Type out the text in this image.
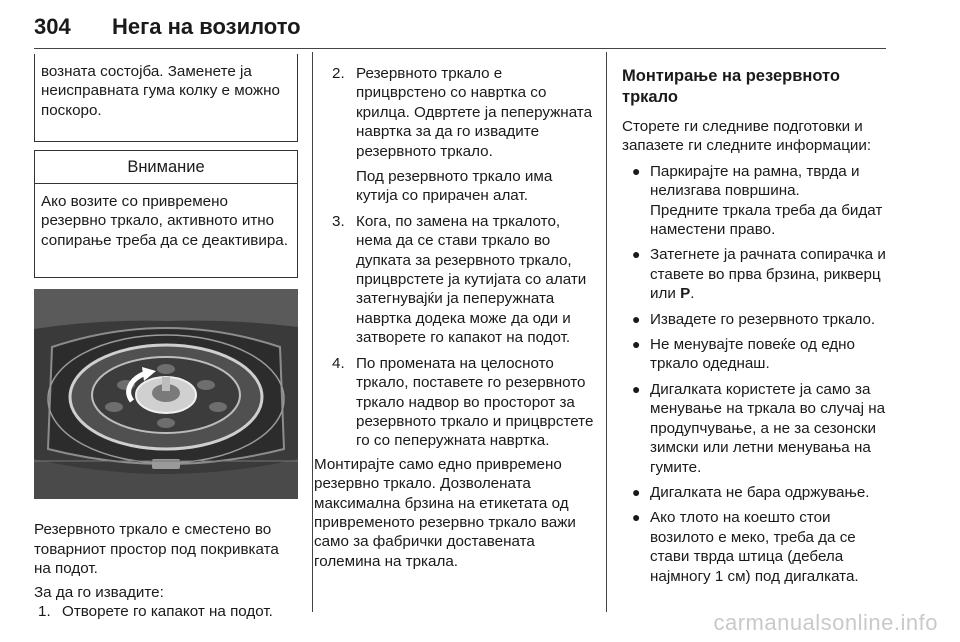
304 Нега на возилото

возната состојба. Заменете ја неисправната гума колку е можно поскоро.

Внимание

Ако возите со привремено резервно тркало, активното итно сопирање треба да се деактивира.

Резервното тркало е сместено во товарниот простор под покривката на подот.

За да го извадите:

1. Отворете го капакот на подот.
2. Резервното тркало е прицврстено со навртка со крилца. Одвртете ја пеперужната навртка за да го извадите резервното тркало.

Под резервното тркало има кутија со прирачен алат.

3. Кога, по замена на тркалото, нема да се стави тркало во дупката за резервното тркало, прицврстете ја кутијата со алати затегнувајќи ја пеперужната навртка додека може да оди и затворете го капакот на подот.
4. По промената на целосното тркало, поставете го резервното тркало надвор во просторот за резервното тркало и прицврстете го со пеперужната навртка.

Монтирајте само едно привремено резервно тркало. Дозволената максимална брзина на етикетата од привременото резервно тркало важи само за фабрички доставената големина на тркала.

Монтирање на резервното тркало

Сторете ги следниве подготовки и запазете ги следните информации:

● Паркирајте на рамна, тврда и нелизгава површина.
Предните тркала треба да бидат наместени право.
● Затегнете ја рачната сопирачка и ставете во прва брзина, рикверц или P.
● Извадете го резервното тркало.
● Не менувајте повеќе од едно тркало одеднаш.
● Дигалката користете ја само за менување на тркала во случај на продупчување, а не за сезонски зимски или летни менувања на гумите.
● Дигалката не бара одржување.
● Ако тлото на коешто стои возилото е меко, треба да се стави тврда штица (дебела најмногу 1 см) под дигалката.
carmanualsonline.info
